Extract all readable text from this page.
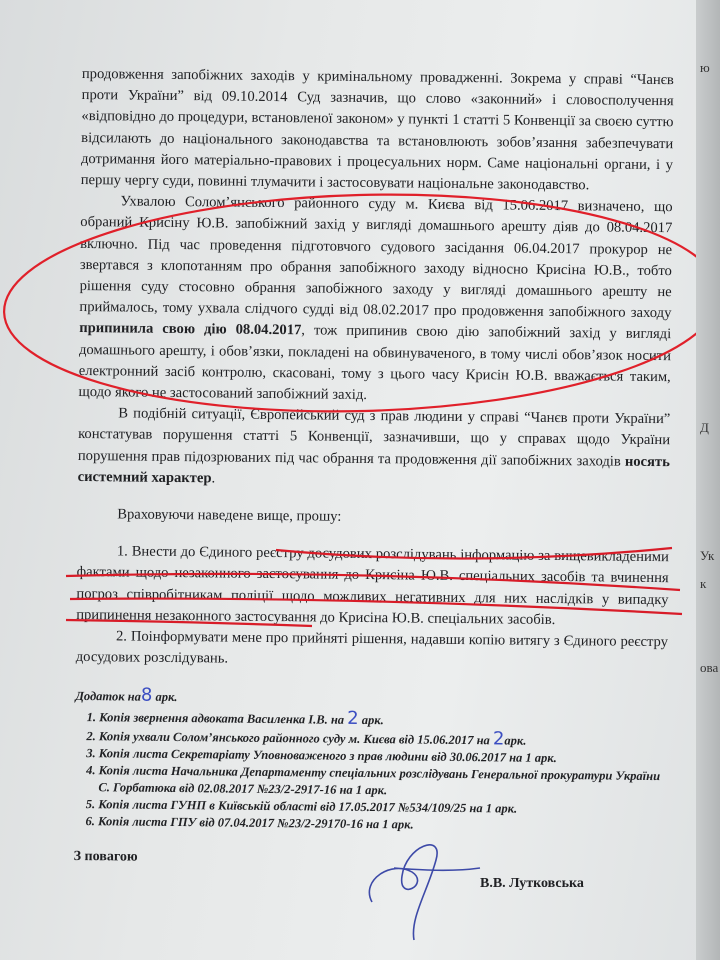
продовження запобіжних заходів у кримінальному провадженні. Зокрема у справі “Чанєв проти України” від 09.10.2014 Суд зазначив, що слово «законний» і словосполучення «відповідно до процедури, встановленої законом» у пункті 1 статті 5 Конвенції за своєю суттю відсилають до національного законодавства та встановлюють зобов’язання забезпечувати дотримання його матеріально-правових і процесуальних норм. Саме національні органи, і у першу чергу суди, повинні тлумачити і застосовувати національне законодавство.

Ухвалою Солом’янського районного суду м. Києва від 15.06.2017 визначено, що обраний Крисіну Ю.В. запобіжний захід у вигляді домашнього арешту діяв до 08.04.2017 включно. Під час проведення підготовчого судового засідання 06.04.2017 прокурор не звертався з клопотанням про обрання запобіжного заходу відносно Крисіна Ю.В., тобто рішення суду стосовно обрання запобіжного заходу у вигляді домашнього арешту не приймалось, тому ухвала слідчого судді від 08.02.2017 про продовження запобіжного заходу припинила свою дію 08.04.2017, тож припинив свою дію запобіжний захід у вигляді домашнього арешту, і обов’язки, покладені на обвинуваченого, в тому числі обов’язок носити електронний засіб контролю, скасовані, тому з цього часу Крисін Ю.В. вважається таким, щодо якого не застосований запобіжний захід.

В подібній ситуації, Європейський суд з прав людини у справі “Чанєв проти України” констатував порушення статті 5 Конвенції, зазначивши, що у справах щодо України порушення прав підозрюваних під час обрання та продовження дії запобіжних заходів носять системний характер.

Враховуючи наведене вище, прошу:

1. Внести до Єдиного реєстру досудових розслідувань інформацію за вищевикладеними фактами щодо незаконного застосування до Крисіна Ю.В. спеціальних засобів та вчинення погроз співробітникам поліції щодо можливих негативних для них наслідків у випадку припинення незаконного застосування до Крисіна Ю.В. спеціальних засобів.

2. Поінформувати мене про прийняті рішення, надавши копію витягу з Єдиного реєстру досудових розслідувань.

Додаток на8 арк.
1. Копія звернення адвоката Василенка І.В. на 2 арк.
2. Копія ухвали Солом’янського районного суду м. Києва від 15.06.2017 на 2арк.
3. Копія листа Секретаріату Уповноваженого з прав людини від 30.06.2017 на 1 арк.
4. Копія листа Начальника Департаменту спеціальних розслідувань Генеральної прокуратури України С. Горбатюка від 02.08.2017 №23/2-2917-16 на 1 арк.
5. Копія листа ГУНП в Київській області від 17.05.2017 №534/109/25 на 1 арк.
6. Копія листа ГПУ від 07.04.2017 №23/2-29170-16 на 1 арк.
З повагою
В.В. Лутковська
ю
Д
Ук
к
ова
